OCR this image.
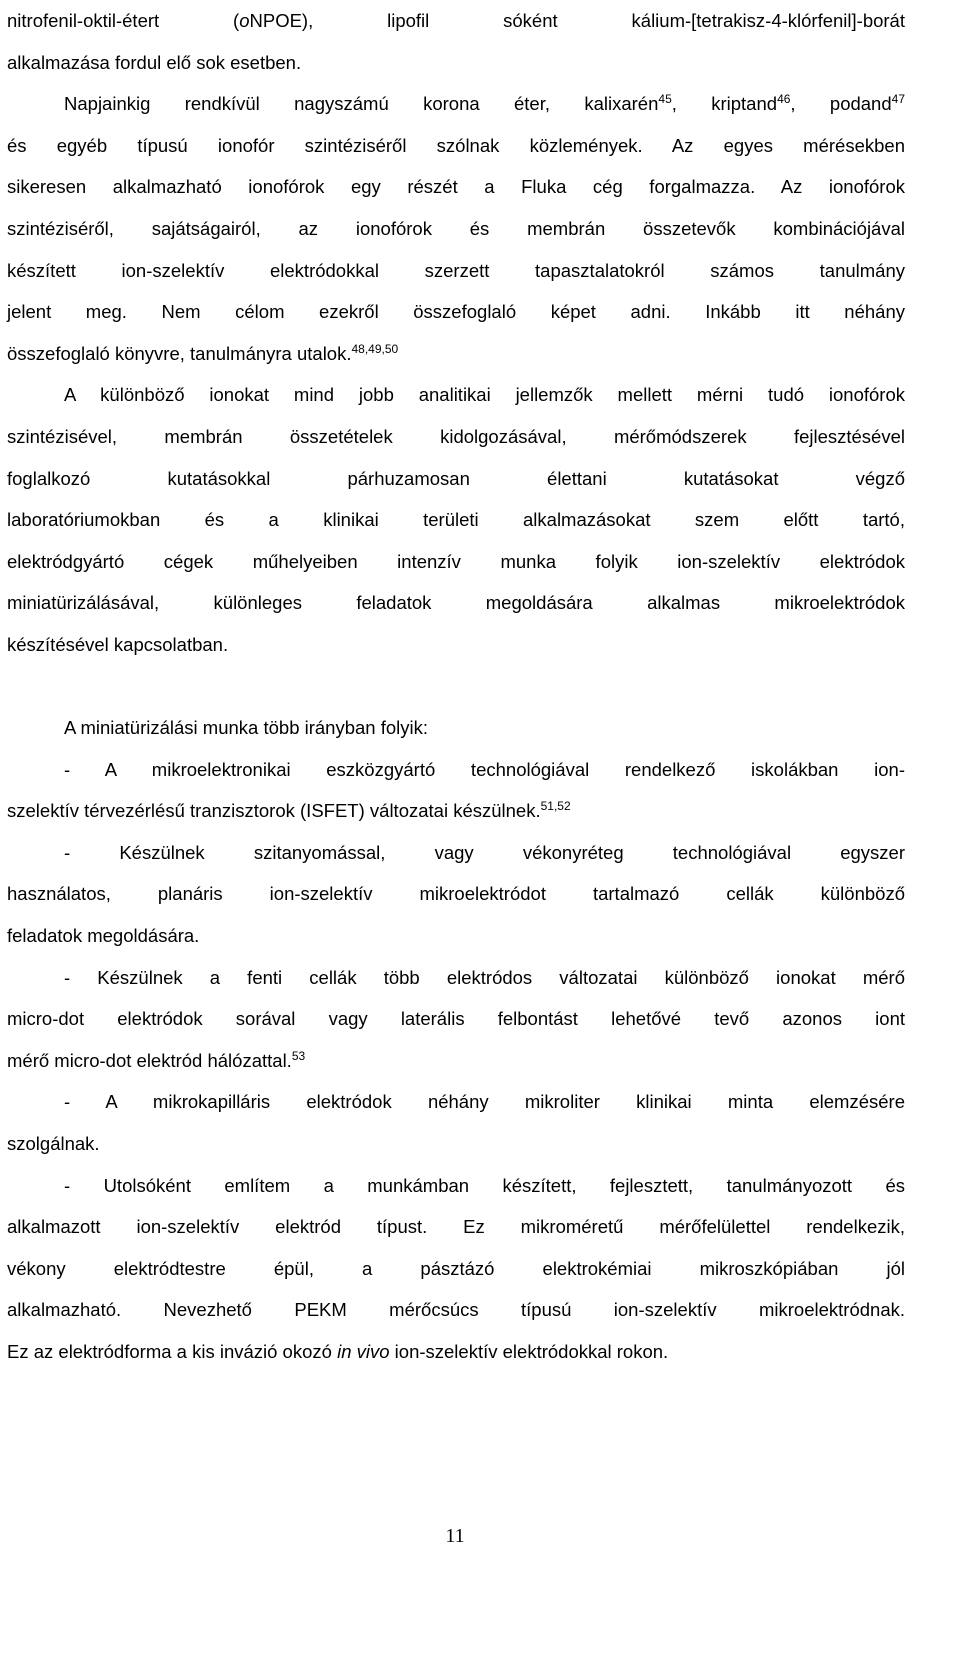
nitrofenil-oktil-étert (oNPOE), lipofil sóként kálium-[tetrakisz-4-klórfenil]-borát
alkalmazása fordul elő sok esetben.

Napjainkig rendkívül nagyszámú korona éter, kalixarén$^{45}$, kriptand$^{46}$, podand$^{47}$
és egyéb típusú ionofór szintéziséről szólnak közlemények. Az egyes mérésekben
sikeresen alkalmazható ionofórok egy részét a Fluka cég forgalmazza. Az ionofórok
szintéziséről, sajátságairól, az ionofórok és membrán összetevők kombinációjával
készített ion-szelektív elektródokkal szerzett tapasztalatokról számos tanulmány
jelent meg. Nem célom ezekről összefoglaló képet adni. Inkább itt néhány
összefoglaló könyvre, tanulmányra utalok.$^{48,49,50}$

A különböző ionokat mind jobb analitikai jellemzők mellett mérni tudó ionofórok
szintézisével, membrán összetételek kidolgozásával, mérőmódszerek fejlesztésével
foglalkozó kutatásokkal párhuzamosan élettani kutatásokat végző
laboratóriumokban és a klinikai területi alkalmazásokat szem előtt tartó,
elektródgyártó cégek műhelyeiben intenzív munka folyik ion-szelektív elektródok
miniatürizálásával, különleges feladatok megoldására alkalmas mikroelektródok
készítésével kapcsolatban.

A miniatürizálási munka több irányban folyik:

- A mikroelektronikai eszközgyártó technológiával rendelkező iskolákban ion-
szelektív térvezérlésű tranzisztorok (ISFET) változatai készülnek.$^{51,52}$

- Készülnek szitanyomással, vagy vékonyréteg technológiával egyszer
használatos, planáris ion-szelektív mikroelektródot tartalmazó cellák különböző
feladatok megoldására.

- Készülnek a fenti cellák több elektródos változatai különböző ionokat mérő
micro-dot elektródok sorával vagy laterális felbontást lehetővé tevő azonos iont
mérő micro-dot elektród hálózattal.$^{53}$

- A mikrokapilláris elektródok néhány mikroliter klinikai minta elemzésére
szolgálnak.

- Utolsóként említem a munkámban készített, fejlesztett, tanulmányozott és
alkalmazott ion-szelektív elektród típust. Ez mikroméretű mérőfelülettel rendelkezik,
vékony elektródtestre épül, a pásztázó elektrokémiai mikroszkópiában jól
alkalmazható. Nevezhető PEKM mérőcsúcs típusú ion-szelektív mikroelektródnak.
Ez az elektródforma a kis invázió okozó in vivo ion-szelektív elektródokkal rokon.

11
